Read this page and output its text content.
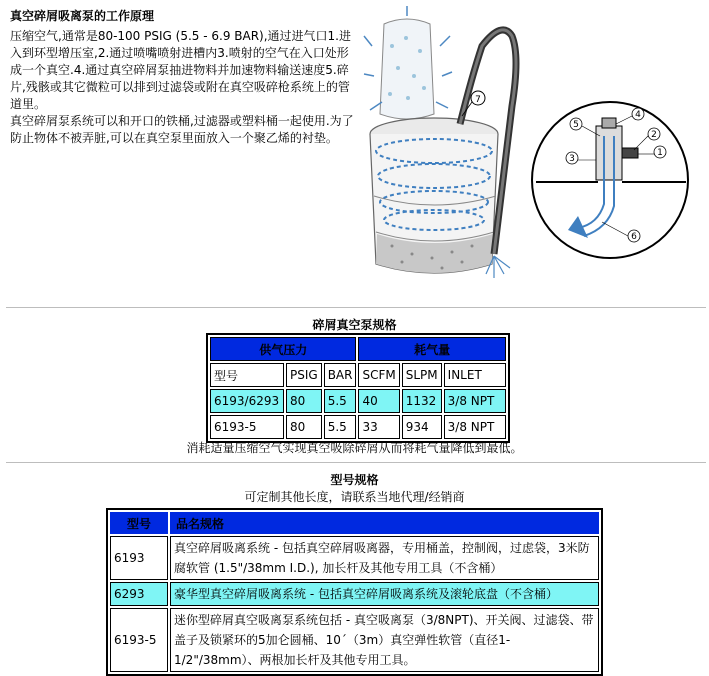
真空碎屑吸离泵的工作原理

压缩空气,通常是80-100 PSIG (5.5 - 6.9 BAR),通过进气口1.进入到环型增压室,2.通过喷嘴喷射进槽内3.喷射的空气在入口处形成一个真空.4.通过真空碎屑泵抽进物料并加速物料输送速度5.碎片,残骸或其它微粒可以排到过滤袋或附在真空吸碎枪系统上的管道里。

真空碎屑泵系统可以和开口的铁桶,过滤器或塑料桶一起使用.为了防止物体不被弄脏,可以在真空泵里面放入一个聚乙烯的衬垫。

7
4
5
2
1
3
6
碎屑真空泵规格
供气压力			耗气量		
型号	PSIG	BAR	SCFM	SLPM	INLET
6193/6293	80	5.5	40	1132	3/8 NPT
6193-5	80	5.5	33	934	3/8 NPT
消耗适量压缩空气实现真空吸除碎屑从而将耗气量降低到最低。
型号规格
可定制其他长度，请联系当地代理/经销商
型号	品名规格
6193	真空碎屑吸离系统 - 包括真空碎屑吸离器，专用桶盖，控制阀，过虑袋，3米防腐软管 (1.5"/38mm I.D.), 加长杆及其他专用工具（不含桶）
6293	豪华型真空碎屑吸离系统 - 包括真空碎屑吸离系统及滚轮底盘（不含桶）
6193-5	迷你型碎屑真空吸离泵系统包括 - 真空吸离泵（3/8NPT)、开关阀、过滤袋、带盖子及锁紧环的5加仑圆桶、10´（3m）真空弹性软管（直径1-1/2"/38mm）、两根加长杆及其他专用工具。
